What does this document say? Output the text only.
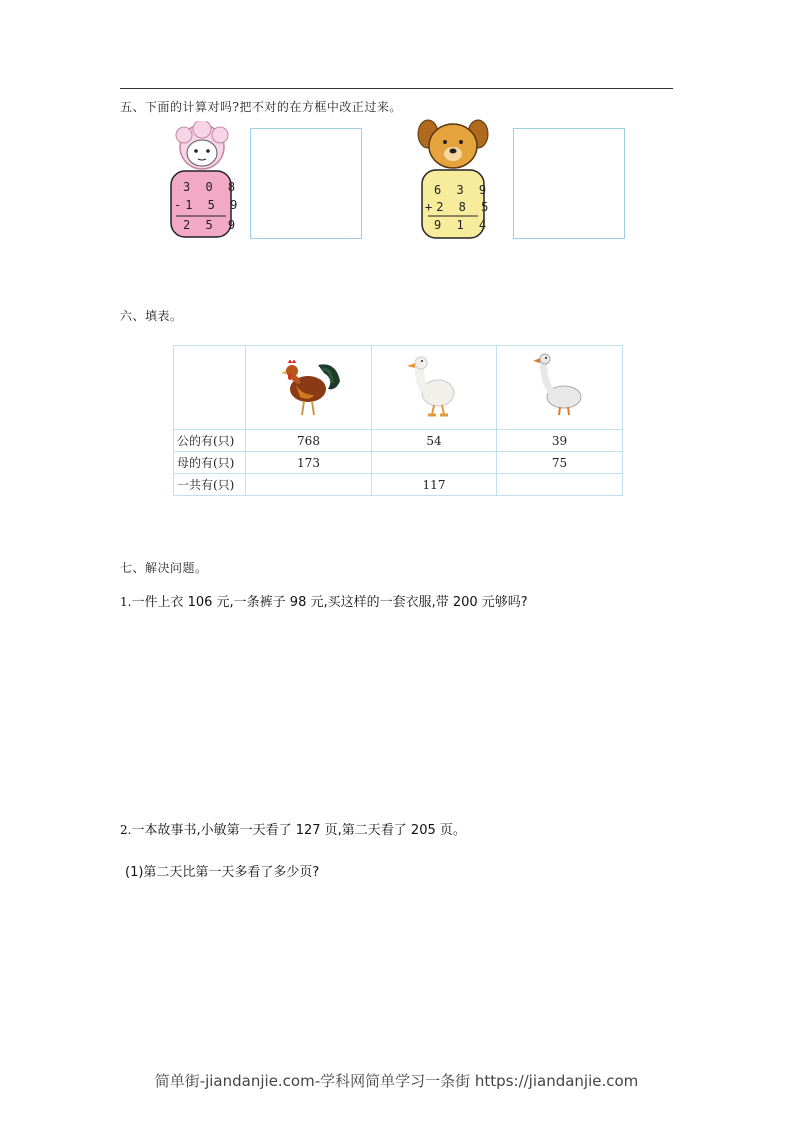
五、下面的计算对吗?把不对的在方框中改正过来。
3 0 8
-1 5 9
2 5 9
6 3 9
+2 8 5
9 1 4
六、填表。

公的有(只)	768	54	39
母的有(只)	173		75
一共有(只)		117	
七、解决问题。
1.一件上衣 106 元,一条裤子 98 元,买这样的一套衣服,带 200 元够吗?
2.一本故事书,小敏第一天看了 127 页,第二天看了 205 页。
(1)第二天比第一天多看了多少页?
简单街-jiandanjie.com-学科网简单学习一条街 https://jiandanjie.com
